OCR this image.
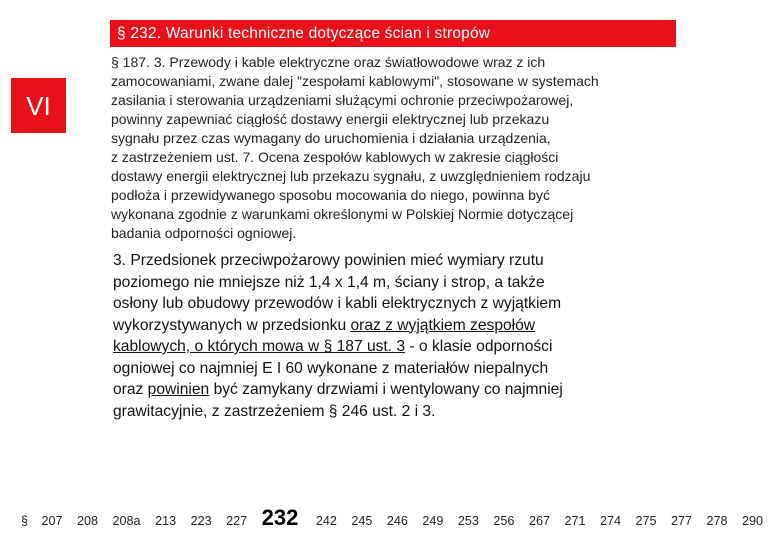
§ 232. Warunki techniczne dotyczące ścian i stropów
VI
§ 187. 3. Przewody i kable elektryczne oraz światłowodowe wraz z ich
zamocowaniami, zwane dalej "zespołami kablowymi", stosowane w systemach
zasilania i sterowania urządzeniami służącymi ochronie przeciwpożarowej,
powinny zapewniać ciągłość dostawy energii elektrycznej lub przekazu
sygnału przez czas wymagany do uruchomienia i działania urządzenia,
z zastrzeżeniem ust. 7. Ocena zespołów kablowych w zakresie ciągłości
dostawy energii elektrycznej lub przekazu sygnału, z uwzględnieniem rodzaju
podłoża i przewidywanego sposobu mocowania do niego, powinna być
wykonana zgodnie z warunkami określonymi w Polskiej Normie dotyczącej
badania odporności ogniowej.
3. Przedsionek przeciwpożarowy powinien mieć wymiary rzutu
poziomego nie mniejsze niż 1,4 x 1,4 m, ściany i strop, a także
osłony lub obudowy przewodów i kabli elektrycznych z wyjątkiem
wykorzystywanych w przedsionku oraz z wyjątkiem zespołów
kablowych, o których mowa w § 187 ust. 3 - o klasie odporności
ogniowej co najmniej E I 60 wykonane z materiałów niepalnych
oraz powinien być zamykany drzwiami i wentylowany co najmniej
grawitacyjnie, z zastrzeżeniem § 246 ust. 2 i 3.
§ 207 208 208a 213 223 227 232 242 245 246 249 253 256 267 271 274 275 277 278 290
